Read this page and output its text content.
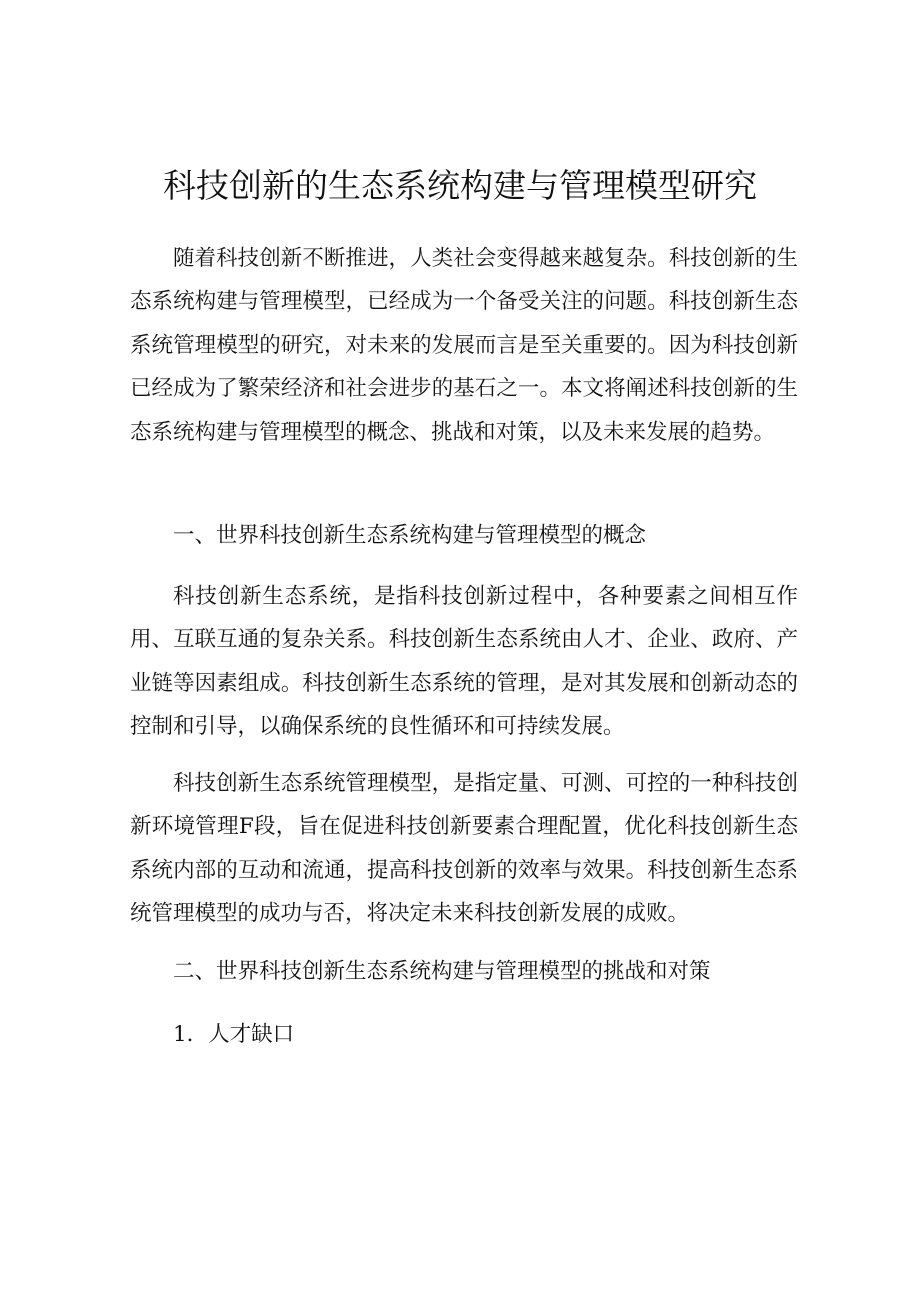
科技创新的生态系统构建与管理模型研究

随着科技创新不断推进，人类社会变得越来越复杂。科技创新的生态系统构建与管理模型，已经成为一个备受关注的问题。科技创新生态系统管理模型的研究，对未来的发展而言是至关重要的。因为科技创新已经成为了繁荣经济和社会进步的基石之一。本文将阐述科技创新的生态系统构建与管理模型的概念、挑战和对策，以及未来发展的趋势。

一、世界科技创新生态系统构建与管理模型的概念

科技创新生态系统，是指科技创新过程中，各种要素之间相互作用、互联互通的复杂关系。科技创新生态系统由人才、企业、政府、产业链等因素组成。科技创新生态系统的管理，是对其发展和创新动态的控制和引导，以确保系统的良性循环和可持续发展。

科技创新生态系统管理模型，是指定量、可测、可控的一种科技创新环境管理F段，旨在促进科技创新要素合理配置，优化科技创新生态系统内部的互动和流通，提高科技创新的效率与效果。科技创新生态系统管理模型的成功与否，将决定未来科技创新发展的成败。

二、世界科技创新生态系统构建与管理模型的挑战和对策

1．人才缺口
